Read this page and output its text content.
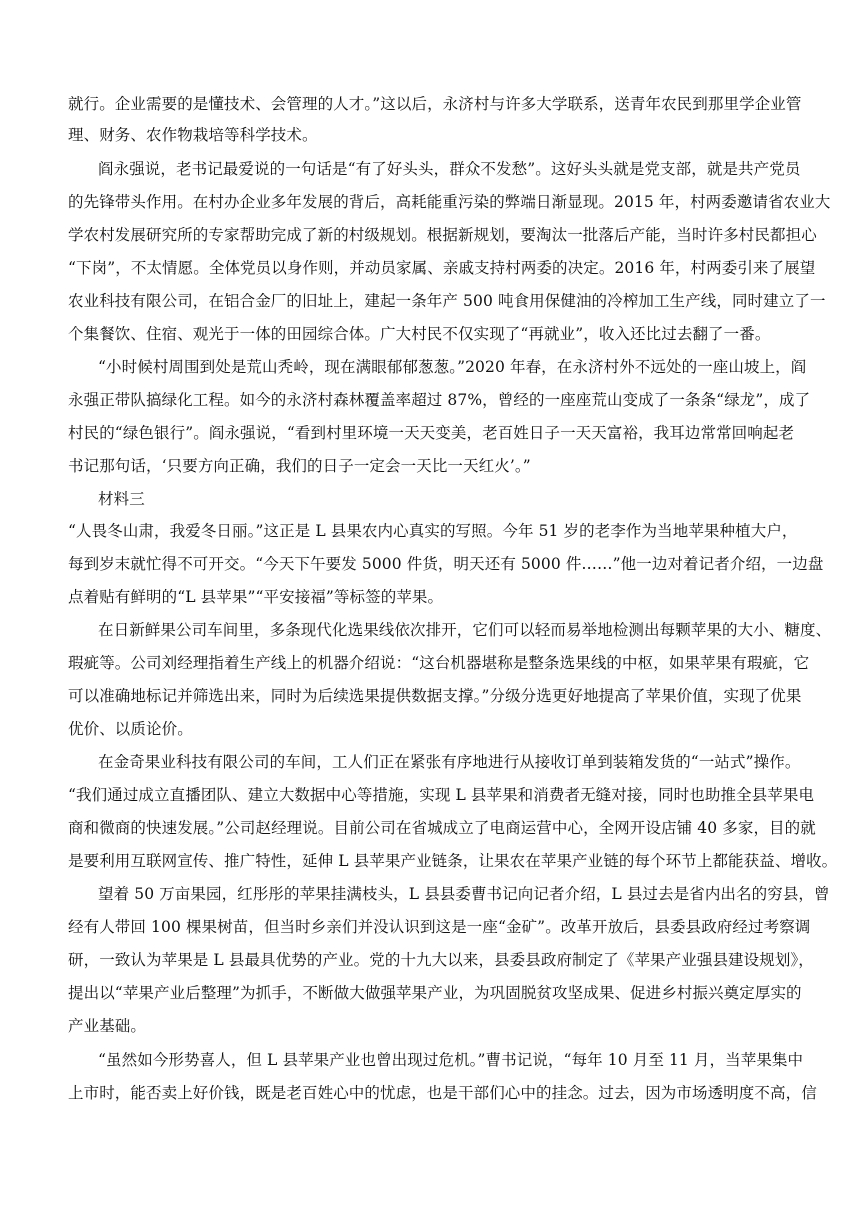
就行。企业需要的是懂技术、会管理的人才。”这以后，永济村与许多大学联系，送青年农民到那里学企业管
理、财务、农作物栽培等科学技术。
阎永强说，老书记最爱说的一句话是“有了好头头，群众不发愁”。这好头头就是党支部，就是共产党员
的先锋带头作用。在村办企业多年发展的背后，高耗能重污染的弊端日渐显现。2015 年，村两委邀请省农业大
学农村发展研究所的专家帮助完成了新的村级规划。根据新规划，要淘汰一批落后产能，当时许多村民都担心
“下岗”，不太情愿。全体党员以身作则，并动员家属、亲戚支持村两委的决定。2016 年，村两委引来了展望
农业科技有限公司，在铝合金厂的旧址上，建起一条年产 500 吨食用保健油的冷榨加工生产线，同时建立了一
个集餐饮、住宿、观光于一体的田园综合体。广大村民不仅实现了“再就业”，收入还比过去翻了一番。
“小时候村周围到处是荒山秃岭，现在满眼郁郁葱葱。”2020 年春，在永济村外不远处的一座山坡上，阎
永强正带队搞绿化工程。如今的永济村森林覆盖率超过 87%，曾经的一座座荒山变成了一条条“绿龙”，成了
村民的“绿色银行”。阎永强说，“看到村里环境一天天变美，老百姓日子一天天富裕，我耳边常常回响起老
书记那句话，‘只要方向正确，我们的日子一定会一天比一天红火’。”
材料三
“人畏冬山肃，我爱冬日丽。”这正是 L 县果农内心真实的写照。今年 51 岁的老李作为当地苹果种植大户，
每到岁末就忙得不可开交。“今天下午要发 5000 件货，明天还有 5000 件……”他一边对着记者介绍，一边盘
点着贴有鲜明的“L 县苹果”“平安接福”等标签的苹果。
在日新鲜果公司车间里，多条现代化选果线依次排开，它们可以轻而易举地检测出每颗苹果的大小、糖度、
瑕疵等。公司刘经理指着生产线上的机器介绍说：“这台机器堪称是整条选果线的中枢，如果苹果有瑕疵，它
可以准确地标记并筛选出来，同时为后续选果提供数据支撑。”分级分选更好地提高了苹果价值，实现了优果
优价、以质论价。
在金奇果业科技有限公司的车间，工人们正在紧张有序地进行从接收订单到装箱发货的“一站式”操作。
“我们通过成立直播团队、建立大数据中心等措施，实现 L 县苹果和消费者无缝对接，同时也助推全县苹果电
商和微商的快速发展。”公司赵经理说。目前公司在省城成立了电商运营中心，全网开设店铺 40 多家，目的就
是要利用互联网宣传、推广特性，延伸 L 县苹果产业链条，让果农在苹果产业链的每个环节上都能获益、增收。
望着 50 万亩果园，红彤彤的苹果挂满枝头，L 县县委曹书记向记者介绍，L 县过去是省内出名的穷县，曾
经有人带回 100 棵果树苗，但当时乡亲们并没认识到这是一座“金矿”。改革开放后，县委县政府经过考察调
研，一致认为苹果是 L 县最具优势的产业。党的十九大以来，县委县政府制定了《苹果产业强县建设规划》，
提出以“苹果产业后整理”为抓手，不断做大做强苹果产业，为巩固脱贫攻坚成果、促进乡村振兴奠定厚实的
产业基础。
“虽然如今形势喜人，但 L 县苹果产业也曾出现过危机。”曹书记说，“每年 10 月至 11 月，当苹果集中
上市时，能否卖上好价钱，既是老百姓心中的忧虑，也是干部们心中的挂念。过去，因为市场透明度不高，信
